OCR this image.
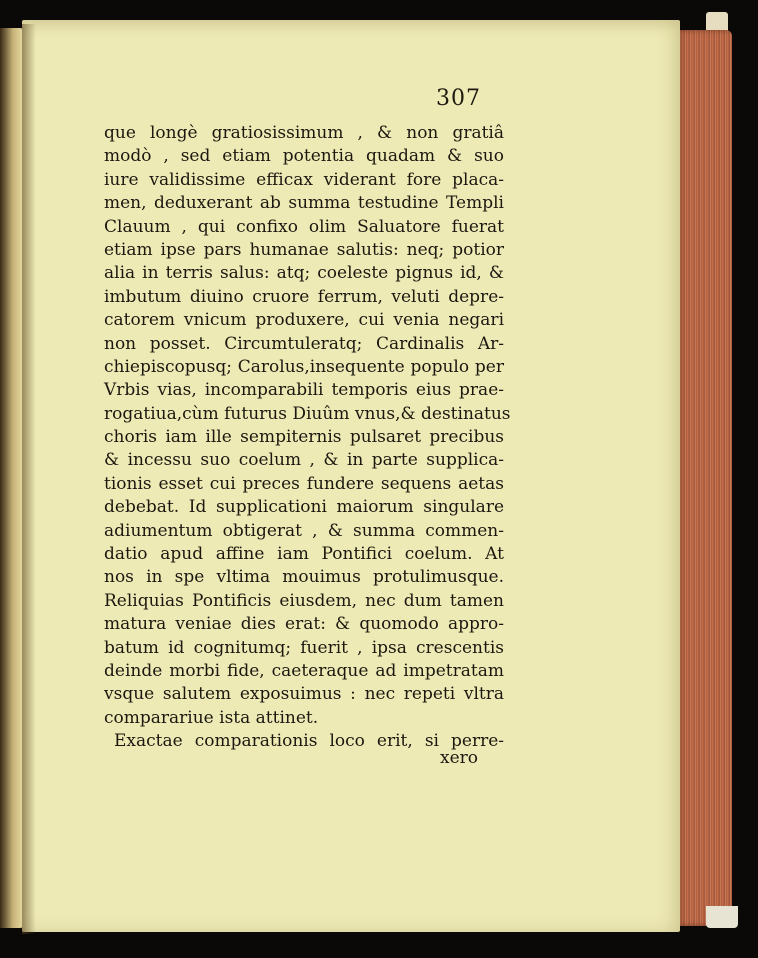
307
que longè gratiosissimum , & non gratiâ
modò , sed etiam potentia quadam & suo
iure validissime efficax viderant fore placa-
men, deduxerant ab summa testudine Templi
Clauum , qui confixo olim Saluatore fuerat
etiam ipse pars humanae salutis: neq; potior
alia in terris salus: atq; coeleste pignus id, &
imbutum diuino cruore ferrum, veluti depre-
catorem vnicum produxere, cui venia negari
non posset. Circumtuleratq; Cardinalis Ar-
chiepiscopusq; Carolus,insequente populo per
Vrbis vias, incomparabili temporis eius prae-
rogatiua,cùm futurus Diuûm vnus,& destinatus
choris iam ille sempiternis pulsaret precibus
& incessu suo coelum , & in parte supplica-
tionis esset cui preces fundere sequens aetas
debebat. Id supplicationi maiorum singulare
adiumentum obtigerat , & summa commen-
datio apud affine iam Pontifici coelum. At
nos in spe vltima mouimus protulimusque.
Reliquias Pontificis eiusdem, nec dum tamen
matura veniae dies erat: & quomodo appro-
batum id cognitumq; fuerit , ipsa crescentis
deinde morbi fide, caeteraque ad impetratam
vsque salutem exposuimus : nec repeti vltra
comparariue ista attinet.
Exactae comparationis loco erit, si perre-
xero
